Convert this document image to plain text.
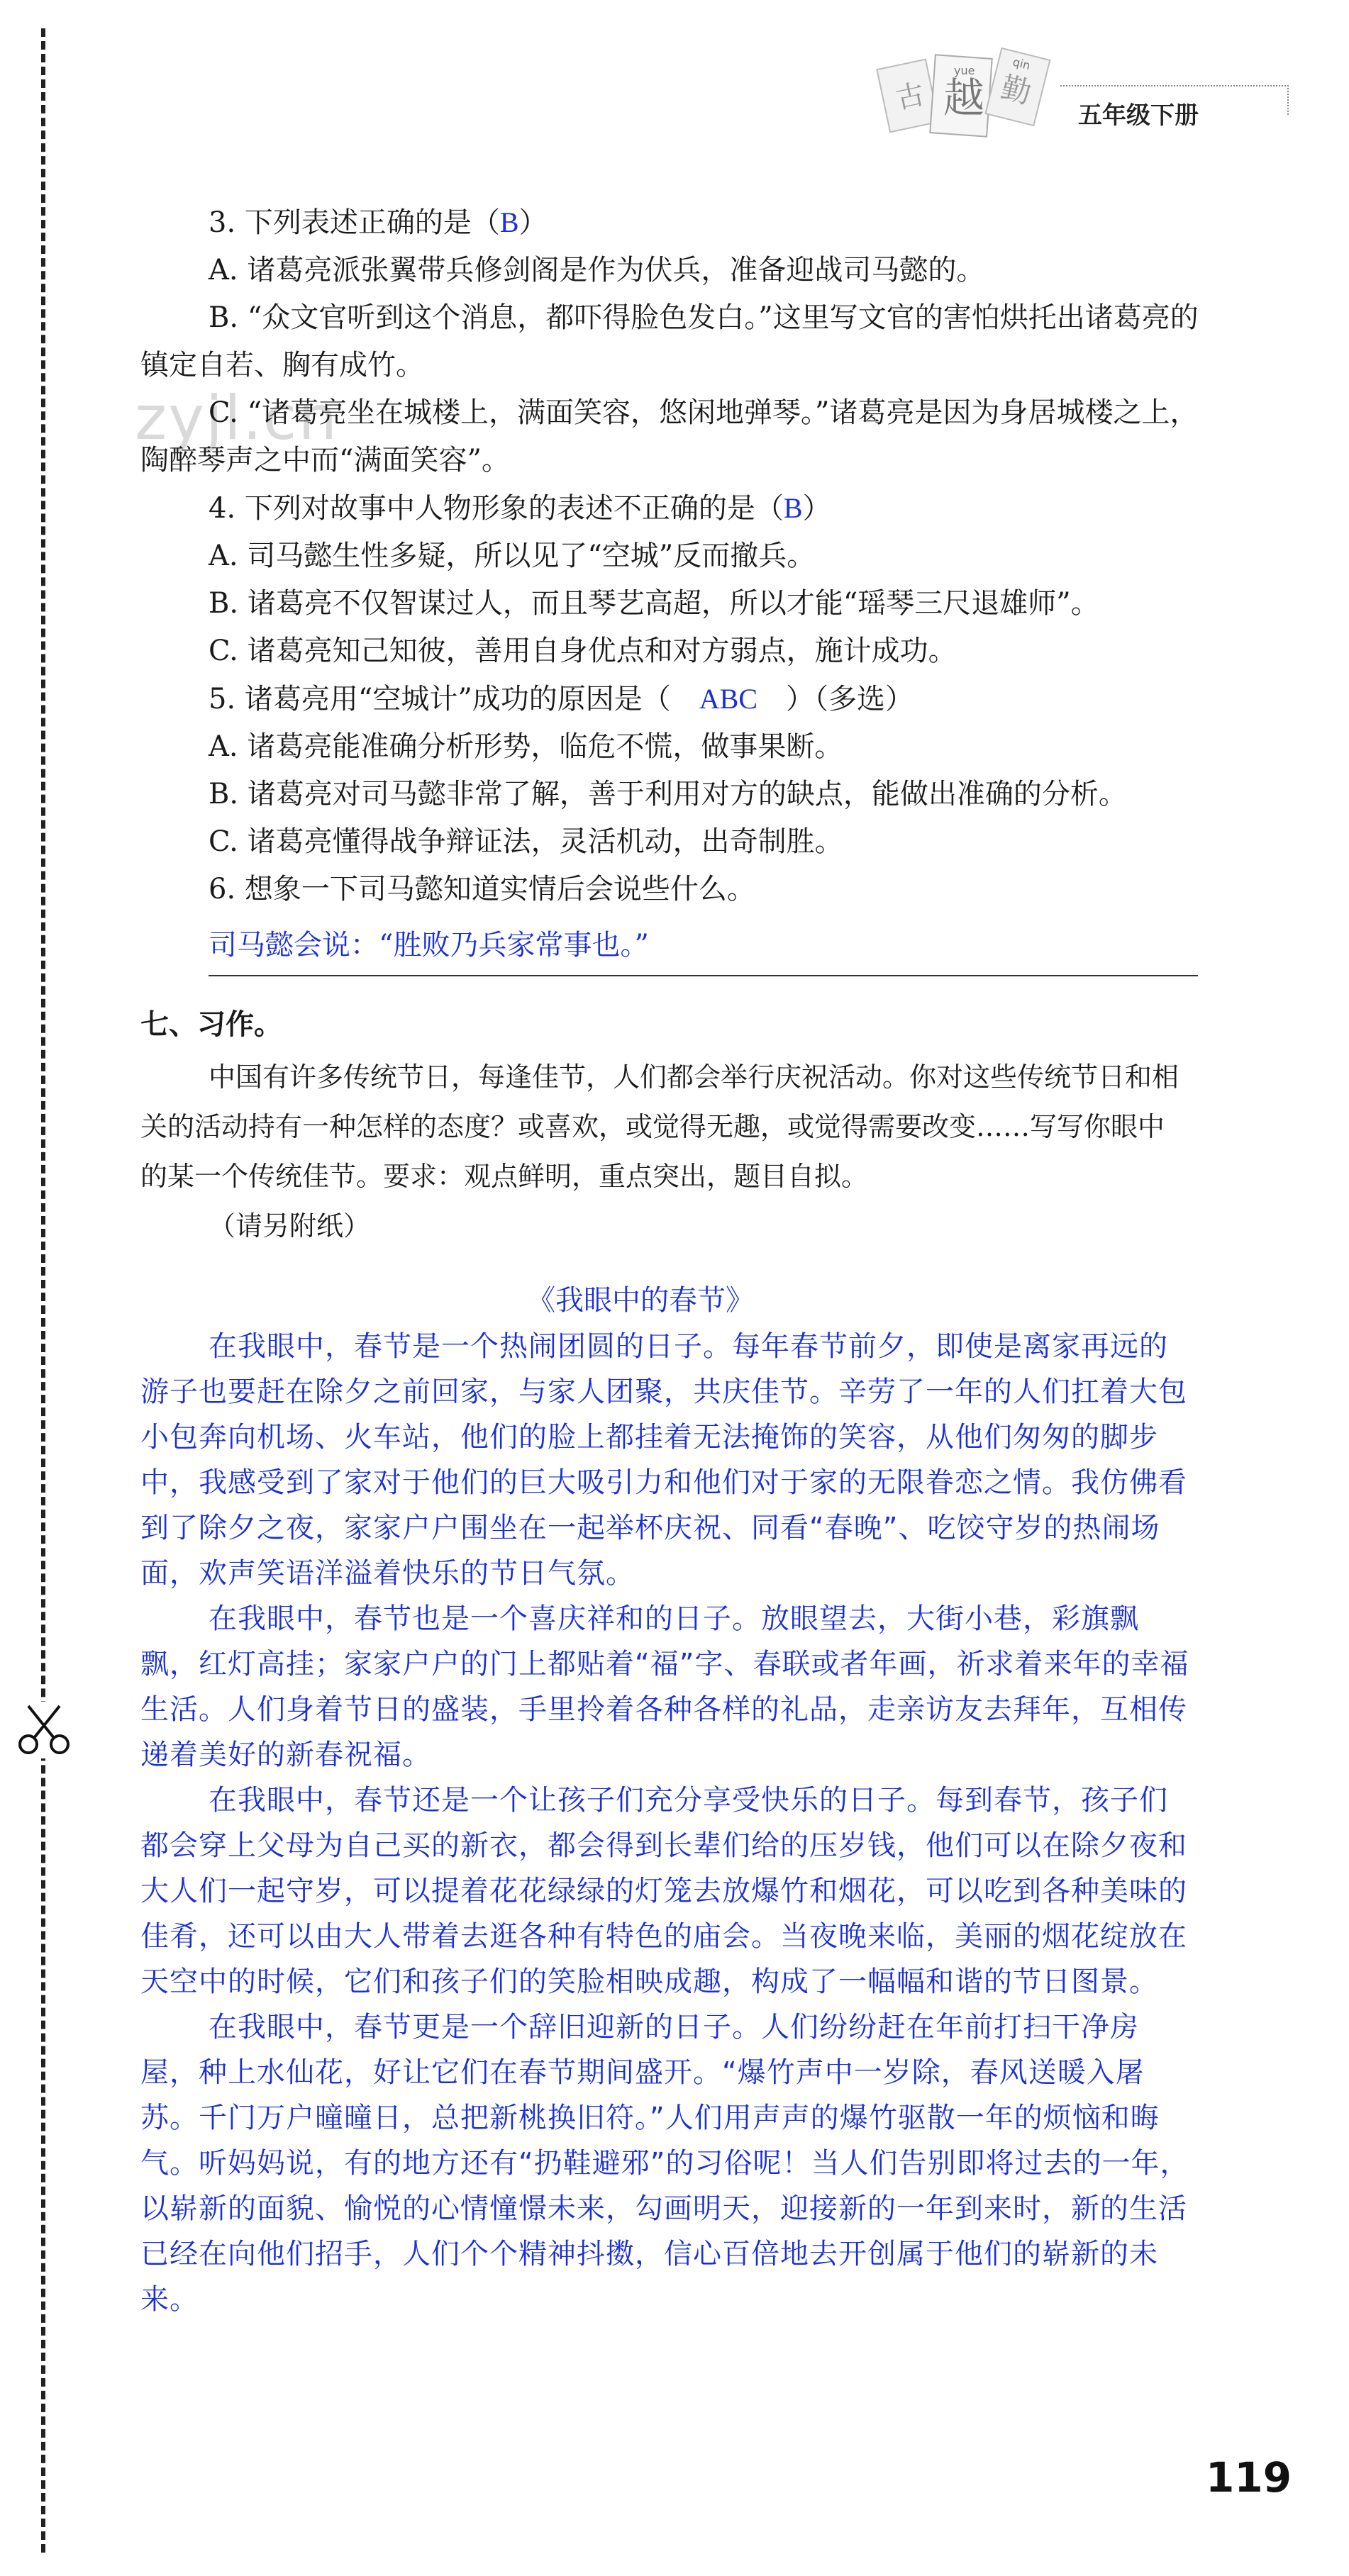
古 越 勤
yue	qin
五年级下册
zyjl.cn

3. 下列表述正确的是（B）

A. 诸葛亮派张翼带兵修剑阁是作为伏兵，准备迎战司马懿的。

B. “众文官听到这个消息，都吓得脸色发白。”这里写文官的害怕烘托出诸葛亮的镇定自若、胸有成竹。

C. “诸葛亮坐在城楼上，满面笑容，悠闲地弹琴。”诸葛亮是因为身居城楼之上，陶醉琴声之中而“满面笑容”。

4. 下列对故事中人物形象的表述不正确的是（B）

A. 司马懿生性多疑，所以见了“空城”反而撤兵。

B. 诸葛亮不仅智谋过人，而且琴艺高超，所以才能“瑶琴三尺退雄师”。

C. 诸葛亮知己知彼，善用自身优点和对方弱点，施计成功。

5. 诸葛亮用“空城计”成功的原因是（ ABC ）（多选）

A. 诸葛亮能准确分析形势，临危不慌，做事果断。

B. 诸葛亮对司马懿非常了解，善于利用对方的缺点，能做出准确的分析。

C. 诸葛亮懂得战争辩证法，灵活机动，出奇制胜。

6. 想象一下司马懿知道实情后会说些什么。

司马懿会说：“胜败乃兵家常事也。”
七、习作。

中国有许多传统节日，每逢佳节，人们都会举行庆祝活动。你对这些传统节日和相关的活动持有一种怎样的态度？或喜欢，或觉得无趣，或觉得需要改变……写写你眼中的某一个传统佳节。要求：观点鲜明，重点突出，题目自拟。

（请另附纸）

《我眼中的春节》

在我眼中，春节是一个热闹团圆的日子。每年春节前夕，即使是离家再远的游子也要赶在除夕之前回家，与家人团聚，共庆佳节。辛劳了一年的人们扛着大包小包奔向机场、火车站，他们的脸上都挂着无法掩饰的笑容，从他们匆匆的脚步中，我感受到了家对于他们的巨大吸引力和他们对于家的无限眷恋之情。我仿佛看到了除夕之夜，家家户户围坐在一起举杯庆祝、同看“春晚”、吃饺守岁的热闹场面，欢声笑语洋溢着快乐的节日气氛。

在我眼中，春节也是一个喜庆祥和的日子。放眼望去，大街小巷，彩旗飘飘，红灯高挂；家家户户的门上都贴着“福”字、春联或者年画，祈求着来年的幸福生活。人们身着节日的盛装，手里拎着各种各样的礼品，走亲访友去拜年，互相传递着美好的新春祝福。

在我眼中，春节还是一个让孩子们充分享受快乐的日子。每到春节，孩子们都会穿上父母为自己买的新衣，都会得到长辈们给的压岁钱，他们可以在除夕夜和大人们一起守岁，可以提着花花绿绿的灯笼去放爆竹和烟花，可以吃到各种美味的佳肴，还可以由大人带着去逛各种有特色的庙会。当夜晚来临，美丽的烟花绽放在天空中的时候，它们和孩子们的笑脸相映成趣，构成了一幅幅和谐的节日图景。

在我眼中，春节更是一个辞旧迎新的日子。人们纷纷赶在年前打扫干净房屋，种上水仙花，好让它们在春节期间盛开。“爆竹声中一岁除，春风送暖入屠苏。千门万户曈曈日，总把新桃换旧符。”人们用声声的爆竹驱散一年的烦恼和晦气。听妈妈说，有的地方还有“扔鞋避邪”的习俗呢！当人们告别即将过去的一年，以崭新的面貌、愉悦的心情憧憬未来，勾画明天，迎接新的一年到来时，新的生活已经在向他们招手，人们个个精神抖擞，信心百倍地去开创属于他们的崭新的未来。

119
